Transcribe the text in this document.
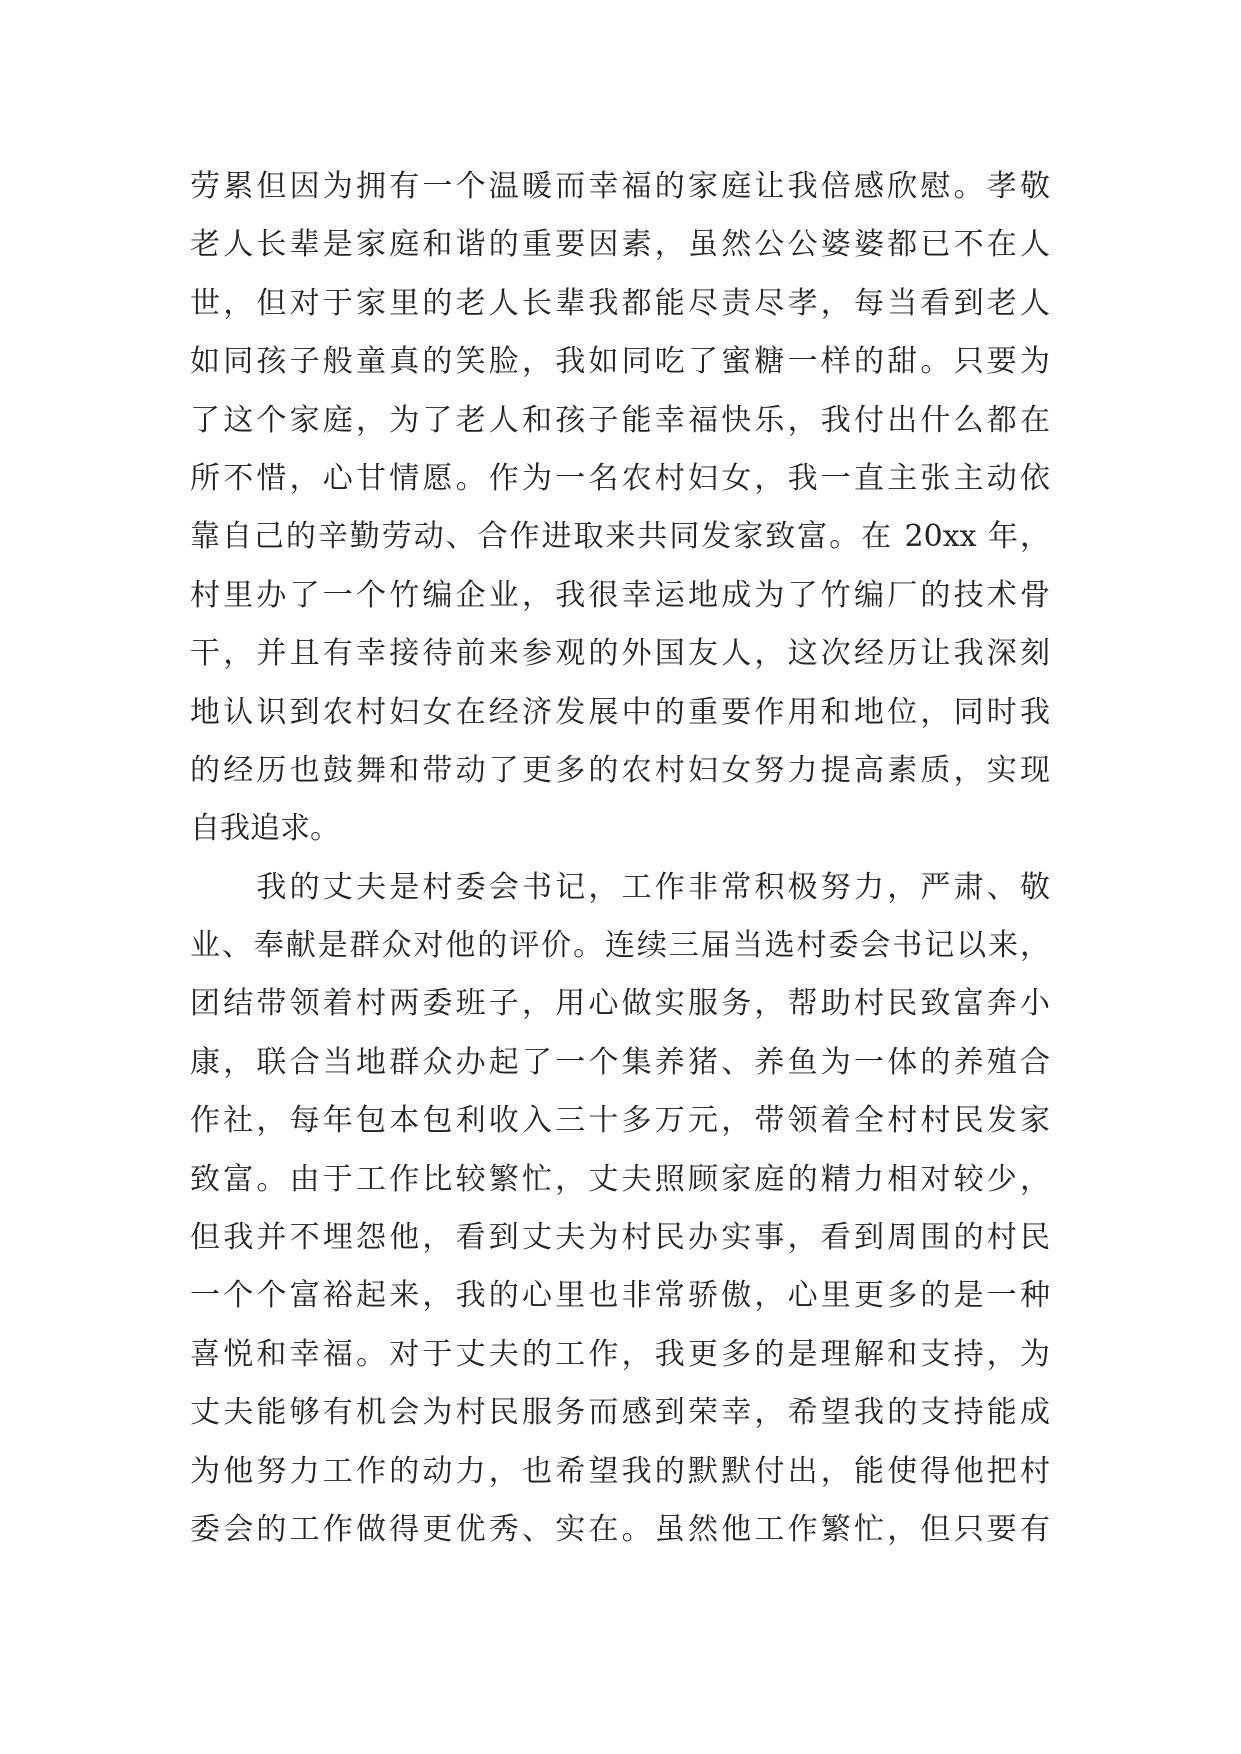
劳累但因为拥有一个温暖而幸福的家庭让我倍感欣慰。孝敬
老人长辈是家庭和谐的重要因素，虽然公公婆婆都已不在人
世，但对于家里的老人长辈我都能尽责尽孝，每当看到老人
如同孩子般童真的笑脸，我如同吃了蜜糖一样的甜。只要为
了这个家庭，为了老人和孩子能幸福快乐，我付出什么都在
所不惜，心甘情愿。作为一名农村妇女，我一直主张主动依
靠自己的辛勤劳动、合作进取来共同发家致富。在 20xx 年，
村里办了一个竹编企业，我很幸运地成为了竹编厂的技术骨
干，并且有幸接待前来参观的外国友人，这次经历让我深刻
地认识到农村妇女在经济发展中的重要作用和地位，同时我
的经历也鼓舞和带动了更多的农村妇女努力提高素质，实现
自我追求。
　　我的丈夫是村委会书记，工作非常积极努力，严肃、敬
业、奉献是群众对他的评价。连续三届当选村委会书记以来，
团结带领着村两委班子，用心做实服务，帮助村民致富奔小
康，联合当地群众办起了一个集养猪、养鱼为一体的养殖合
作社，每年包本包利收入三十多万元，带领着全村村民发家
致富。由于工作比较繁忙，丈夫照顾家庭的精力相对较少，
但我并不埋怨他，看到丈夫为村民办实事，看到周围的村民
一个个富裕起来，我的心里也非常骄傲，心里更多的是一种
喜悦和幸福。对于丈夫的工作，我更多的是理解和支持，为
丈夫能够有机会为村民服务而感到荣幸，希望我的支持能成
为他努力工作的动力，也希望我的默默付出，能使得他把村
委会的工作做得更优秀、实在。虽然他工作繁忙，但只要有
